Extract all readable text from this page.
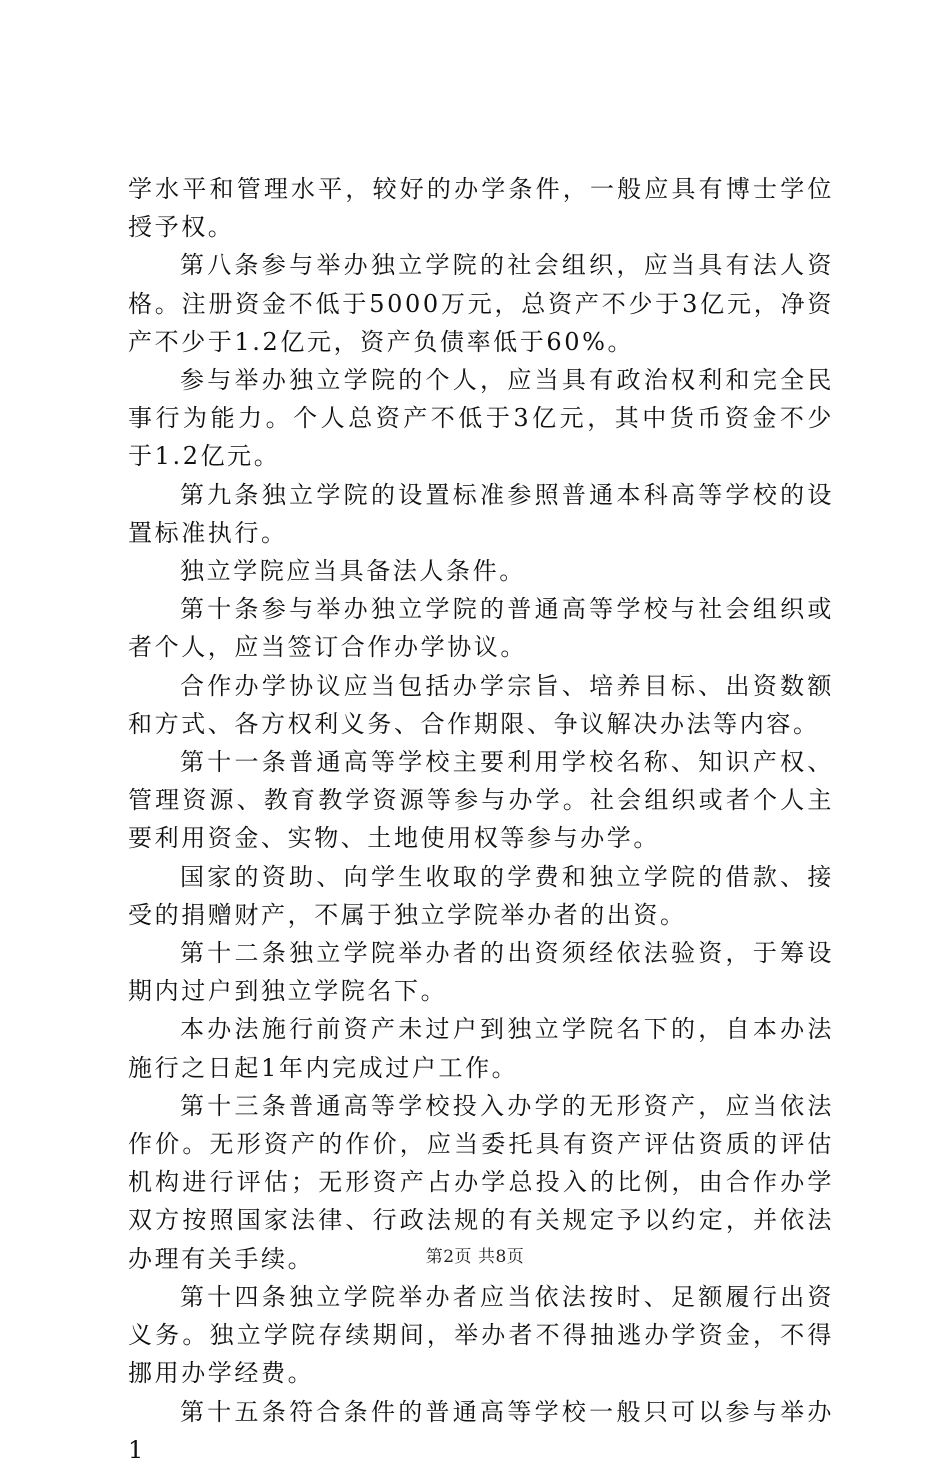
学水平和管理水平，较好的办学条件，一般应具有博士学位授予权。

第八条参与举办独立学院的社会组织，应当具有法人资格。注册资金不低于5000万元，总资产不少于3亿元，净资产不少于1.2亿元，资产负债率低于60%。

参与举办独立学院的个人，应当具有政治权利和完全民事行为能力。个人总资产不低于3亿元，其中货币资金不少于1.2亿元。

第九条独立学院的设置标准参照普通本科高等学校的设置标准执行。

独立学院应当具备法人条件。

第十条参与举办独立学院的普通高等学校与社会组织或者个人，应当签订合作办学协议。

合作办学协议应当包括办学宗旨、培养目标、出资数额和方式、各方权利义务、合作期限、争议解决办法等内容。

第十一条普通高等学校主要利用学校名称、知识产权、管理资源、教育教学资源等参与办学。社会组织或者个人主要利用资金、实物、土地使用权等参与办学。

国家的资助、向学生收取的学费和独立学院的借款、接受的捐赠财产，不属于独立学院举办者的出资。

第十二条独立学院举办者的出资须经依法验资，于筹设期内过户到独立学院名下。

本办法施行前资产未过户到独立学院名下的，自本办法施行之日起1年内完成过户工作。

第十三条普通高等学校投入办学的无形资产，应当依法作价。无形资产的作价，应当委托具有资产评估资质的评估机构进行评估；无形资产占办学总投入的比例，由合作办学双方按照国家法律、行政法规的有关规定予以约定，并依法办理有关手续。

第十四条独立学院举办者应当依法按时、足额履行出资义务。独立学院存续期间，举办者不得抽逃办学资金，不得挪用办学经费。

第十五条符合条件的普通高等学校一般只可以参与举办1

第2页 共8页
